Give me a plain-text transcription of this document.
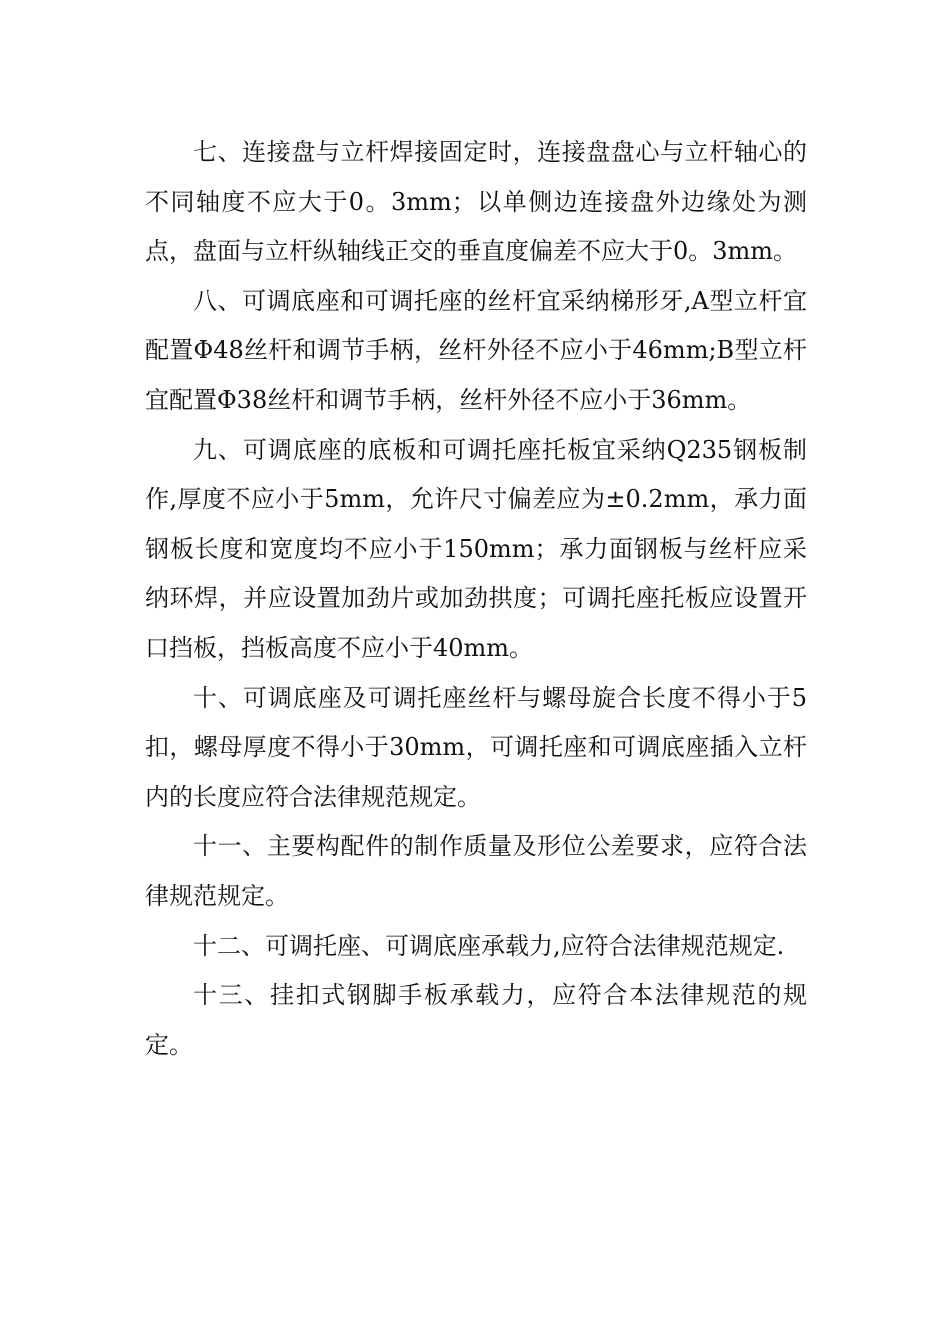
七、连接盘与立杆焊接固定时，连接盘盘心与立杆轴心的不同轴度不应大于0。3mm；以单侧边连接盘外边缘处为测点，盘面与立杆纵轴线正交的垂直度偏差不应大于0。3mm。

八、可调底座和可调托座的丝杆宜采纳梯形牙,A型立杆宜配置Φ48丝杆和调节手柄，丝杆外径不应小于46mm;B型立杆宜配置Φ38丝杆和调节手柄，丝杆外径不应小于36mm。

九、可调底座的底板和可调托座托板宜采纳Q235钢板制作,厚度不应小于5mm，允许尺寸偏差应为±0.2mm，承力面钢板长度和宽度均不应小于150mm；承力面钢板与丝杆应采纳环焊，并应设置加劲片或加劲拱度；可调托座托板应设置开口挡板，挡板高度不应小于40mm。

十、可调底座及可调托座丝杆与螺母旋合长度不得小于5扣，螺母厚度不得小于30mm，可调托座和可调底座插入立杆内的长度应符合法律规范规定。

十一、主要构配件的制作质量及形位公差要求，应符合法律规范规定。

十二、可调托座、可调底座承载力,应符合法律规范规定.

十三、挂扣式钢脚手板承载力，应符合本法律规范的规定。
